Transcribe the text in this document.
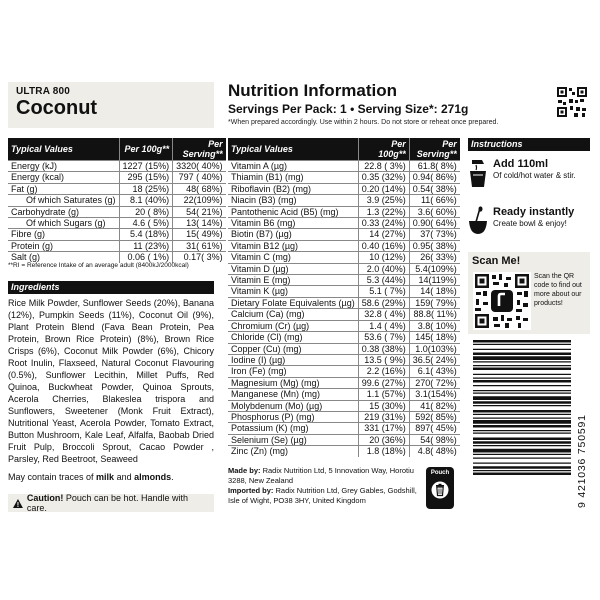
ULTRA 800
Coconut
Nutrition Information
Servings Per Pack: 1 • Serving Size*: 271g
*When prepared accordingly. Use within 2 hours. Do not store or reheat once prepared.
Typical Values	Per 100g**	Per Serving**
Energy (kJ)	1227 (15%)	3320( 40%)
Energy (kcal)	295 (15%)	797 ( 40%)
Fat (g)	18 (25%)	48( 68%)
Of which Saturates (g)	8.1 (40%)	22(109%)
Carbohydrate (g)	20 ( 8%)	54( 21%)
Of which Sugars (g)	4.6 ( 5%)	13( 14%)
Fibre (g)	5.4 (18%)	15( 49%)
Protein (g)	11 (23%)	31( 61%)
Salt (g)	0.06 ( 1%)	0.17( 3%)
**RI = Reference Intake of an average adult (8400kJ/2000kcal)
Ingredients
Rice Milk Powder, Sunflower Seeds (20%), Banana (12%), Pumpkin Seeds (11%), Coconut Oil (9%), Plant Protein Blend (Fava Bean Protein, Pea Protein, Brown Rice Protein) (8%), Brown Rice Crisps (6%), Coconut Milk Powder (6%), Chicory Root Inulin, Flaxseed, Natural Coconut Flavouring (0.5%), Sunflower Lecithin, Millet Puffs, Red Quinoa, Buckwheat Powder, Quinoa Sprouts, Acerola Cherries, Blakeslea trispora and Sunflowers, Sweetener (Monk Fruit Extract), Nutritional Yeast, Acerola Powder, Tomato Extract, Button Mushroom, Kale Leaf, Alfalfa, Baobab Dried Fruit Pulp, Broccoli Sprout, Cacao Powder , Parsley, Red Beetroot, Seaweed
May contain traces of milk and almonds.
Caution! Pouch can be hot. Handle with care.
Typical Values	Per 100g**	Per Serving**
Vitamin A (µg)	22.8 ( 3%)	61.8( 8%)
Thiamin (B1) (mg)	0.35 (32%)	0.94( 86%)
Riboflavin (B2) (mg)	0.20 (14%)	0.54( 38%)
Niacin (B3) (mg)	3.9 (25%)	11( 66%)
Pantothenic Acid (B5) (mg)	1.3 (22%)	3.6( 60%)
Vitamin B6 (mg)	0.33 (24%)	0.90( 64%)
Biotin (B7) (µg)	14 (27%)	37( 73%)
Vitamin B12 (µg)	0.40 (16%)	0.95( 38%)
Vitamin C (mg)	10 (12%)	26( 33%)
Vitamin D (µg)	2.0 (40%)	5.4(109%)
Vitamin E (mg)	5.3 (44%)	14(119%)
Vitamin K (µg)	5.1 ( 7%)	14( 18%)
Dietary Folate Equivalents (µg)	58.6 (29%)	159( 79%)
Calcium (Ca) (mg)	32.8 ( 4%)	88.8( 11%)
Chromium (Cr) (µg)	1.4 ( 4%)	3.8( 10%)
Chloride (Cl) (mg)	53.6 ( 7%)	145( 18%)
Copper (Cu) (mg)	0.38 (38%)	1.0(103%)
Iodine (I) (µg)	13.5 ( 9%)	36.5( 24%)
Iron (Fe) (mg)	2.2 (16%)	6.1( 43%)
Magnesium (Mg) (mg)	99.6 (27%)	270( 72%)
Manganese (Mn) (mg)	1.1 (57%)	3.1(154%)
Molybdenum (Mo) (µg)	15 (30%)	41( 82%)
Phosphorus (P) (mg)	219 (31%)	592( 85%)
Potassium (K) (mg)	331 (17%)	897( 45%)
Selenium (Se) (µg)	20 (36%)	54( 98%)
Zinc (Zn) (mg)	1.8 (18%)	4.8( 48%)
Made by: Radix Nutrition Ltd, 5 Innovation Way, Horotiu 3288, New Zealand
Imported by: Radix Nutrition Ltd, Grey Gables, Godshill, Isle of Wight, PO38 3HY, United Kingdom
Pouch
Instructions
Add 110ml
Of cold/hot water & stir.
Ready instantly
Create bowl & enjoy!
Scan Me!
Scan the QR code to find out more about our products!
9 421036 750591
